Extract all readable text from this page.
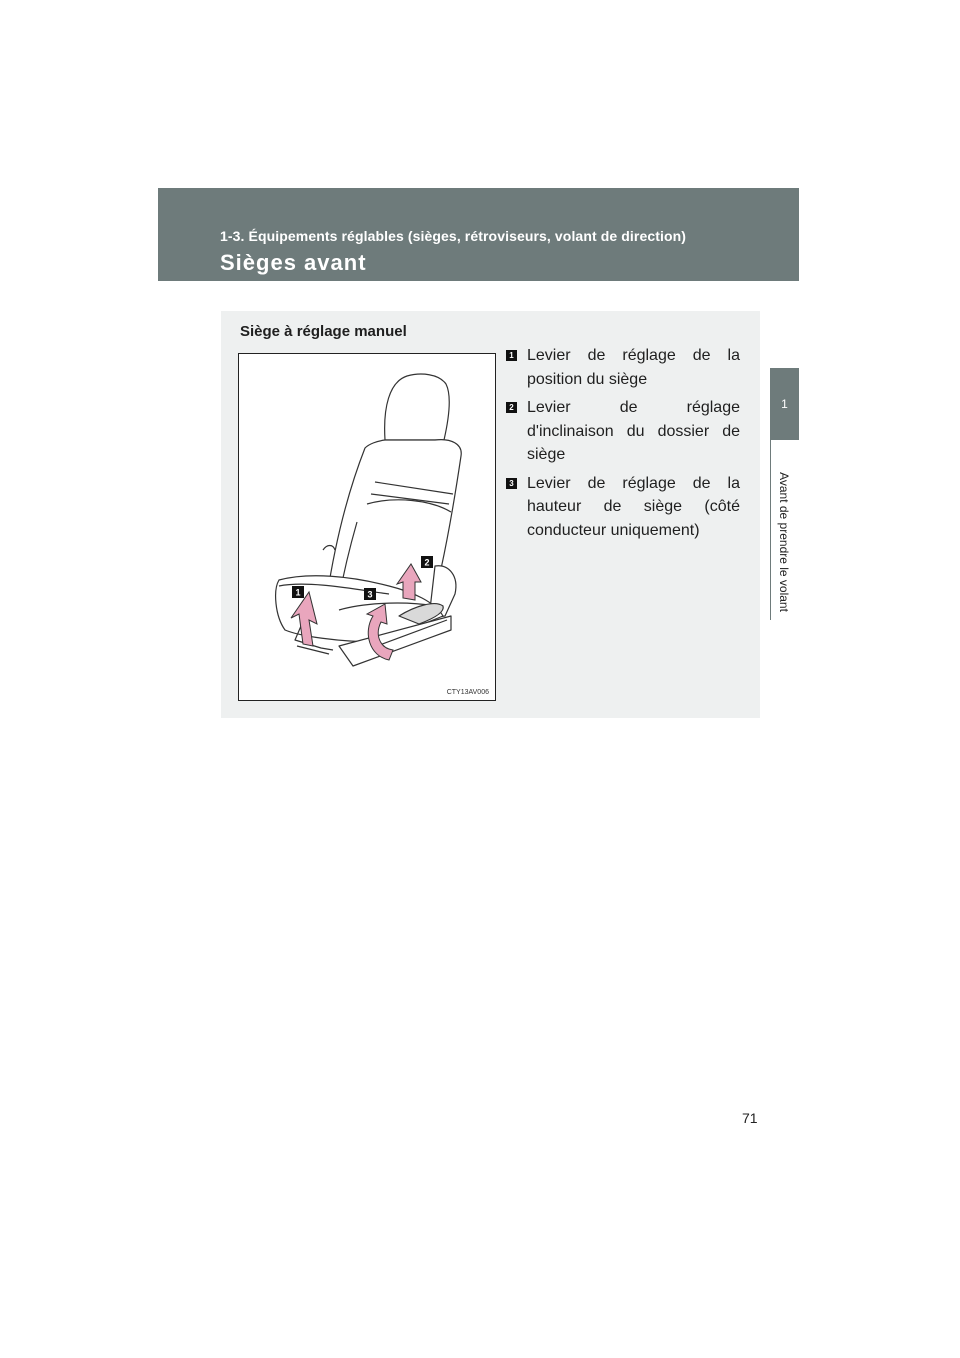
1-3. Équipements réglables (sièges, rétroviseurs, volant de direction)
Sièges avant
1
Avant de prendre le volant
Siège à réglage manuel
1
2
3
CTY13AV006
1 Levier de réglage de la position du siège
2 Levier de réglage d'inclinaison du dossier de siège
3 Levier de réglage de la hauteur de siège (côté conducteur uniquement)
71
